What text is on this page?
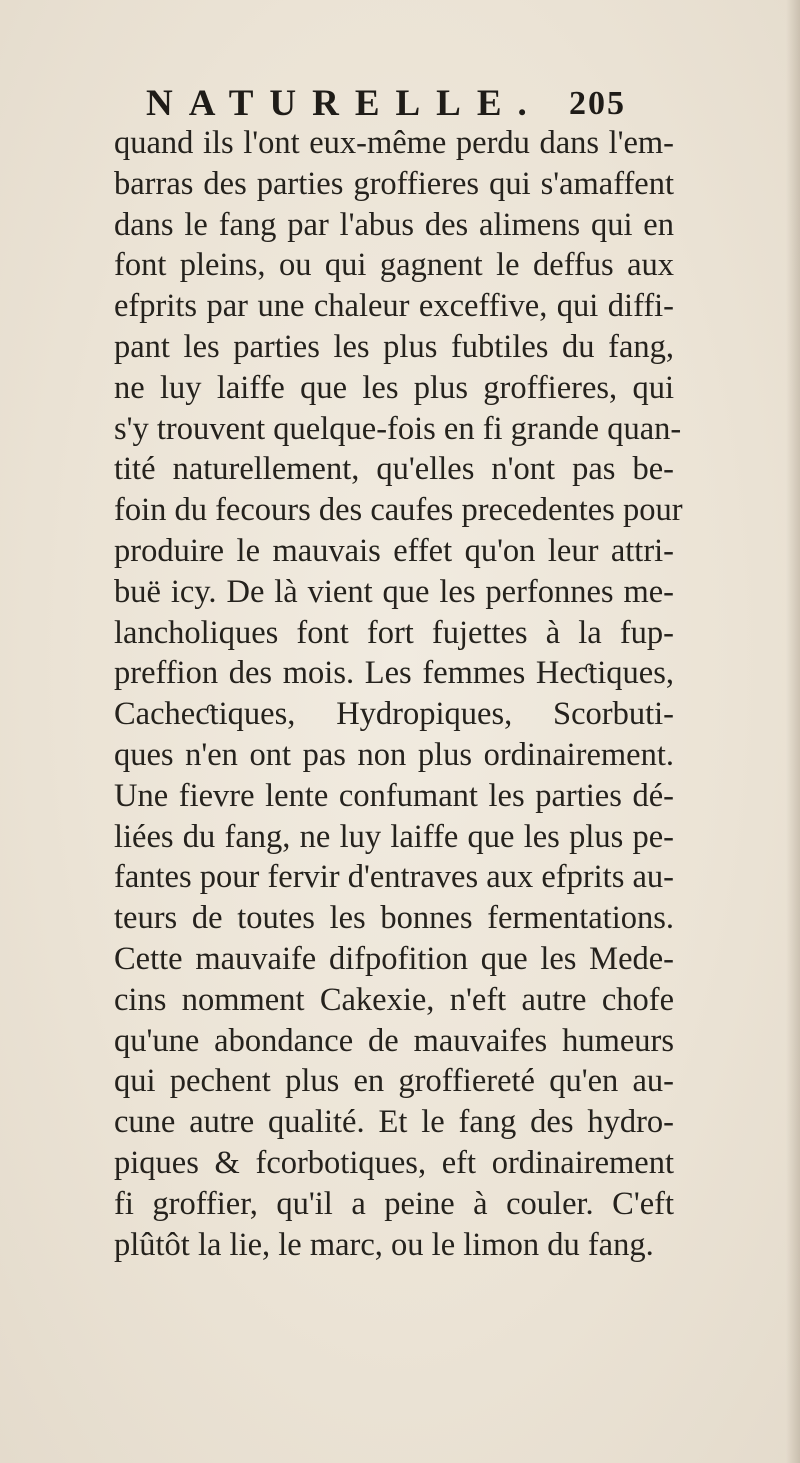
NATURELLE. 205
quand ils l'ont eux-même perdu dans l'em-
barras des parties groffieres qui s'amaffent
dans le fang par l'abus des alimens qui en
font pleins, ou qui gagnent le deffus aux
efprits par une chaleur exceffive, qui diffi-
pant les parties les plus fubtiles du fang,
ne luy laiffe que les plus groffieres, qui
s'y trouvent quelque-fois en fi grande quan-
tité naturellement, qu'elles n'ont pas be-
foin du fecours des caufes precedentes pour
produire le mauvais effet qu'on leur attri-
buë icy. De là vient que les perfonnes me-
lancholiques font fort fujettes à la fup-
preffion des mois. Les femmes Heƈtiques,
Cacheƈtiques, Hydropiques, Scorbuti-
ques n'en ont pas non plus ordinairement.
Une fievre lente confumant les parties dé-
liées du fang, ne luy laiffe que les plus pe-
fantes pour fervir d'entraves aux efprits au-
teurs de toutes les bonnes fermentations.
Cette mauvaife difpofition que les Mede-
cins nomment Cakexie, n'eft autre chofe
qu'une abondance de mauvaifes humeurs
qui pechent plus en groffiereté qu'en au-
cune autre qualité. Et le fang des hydro-
piques & fcorbotiques, eft ordinairement
fi groffier, qu'il a peine à couler. C'eft
plûtôt la lie, le marc, ou le limon du fang.
